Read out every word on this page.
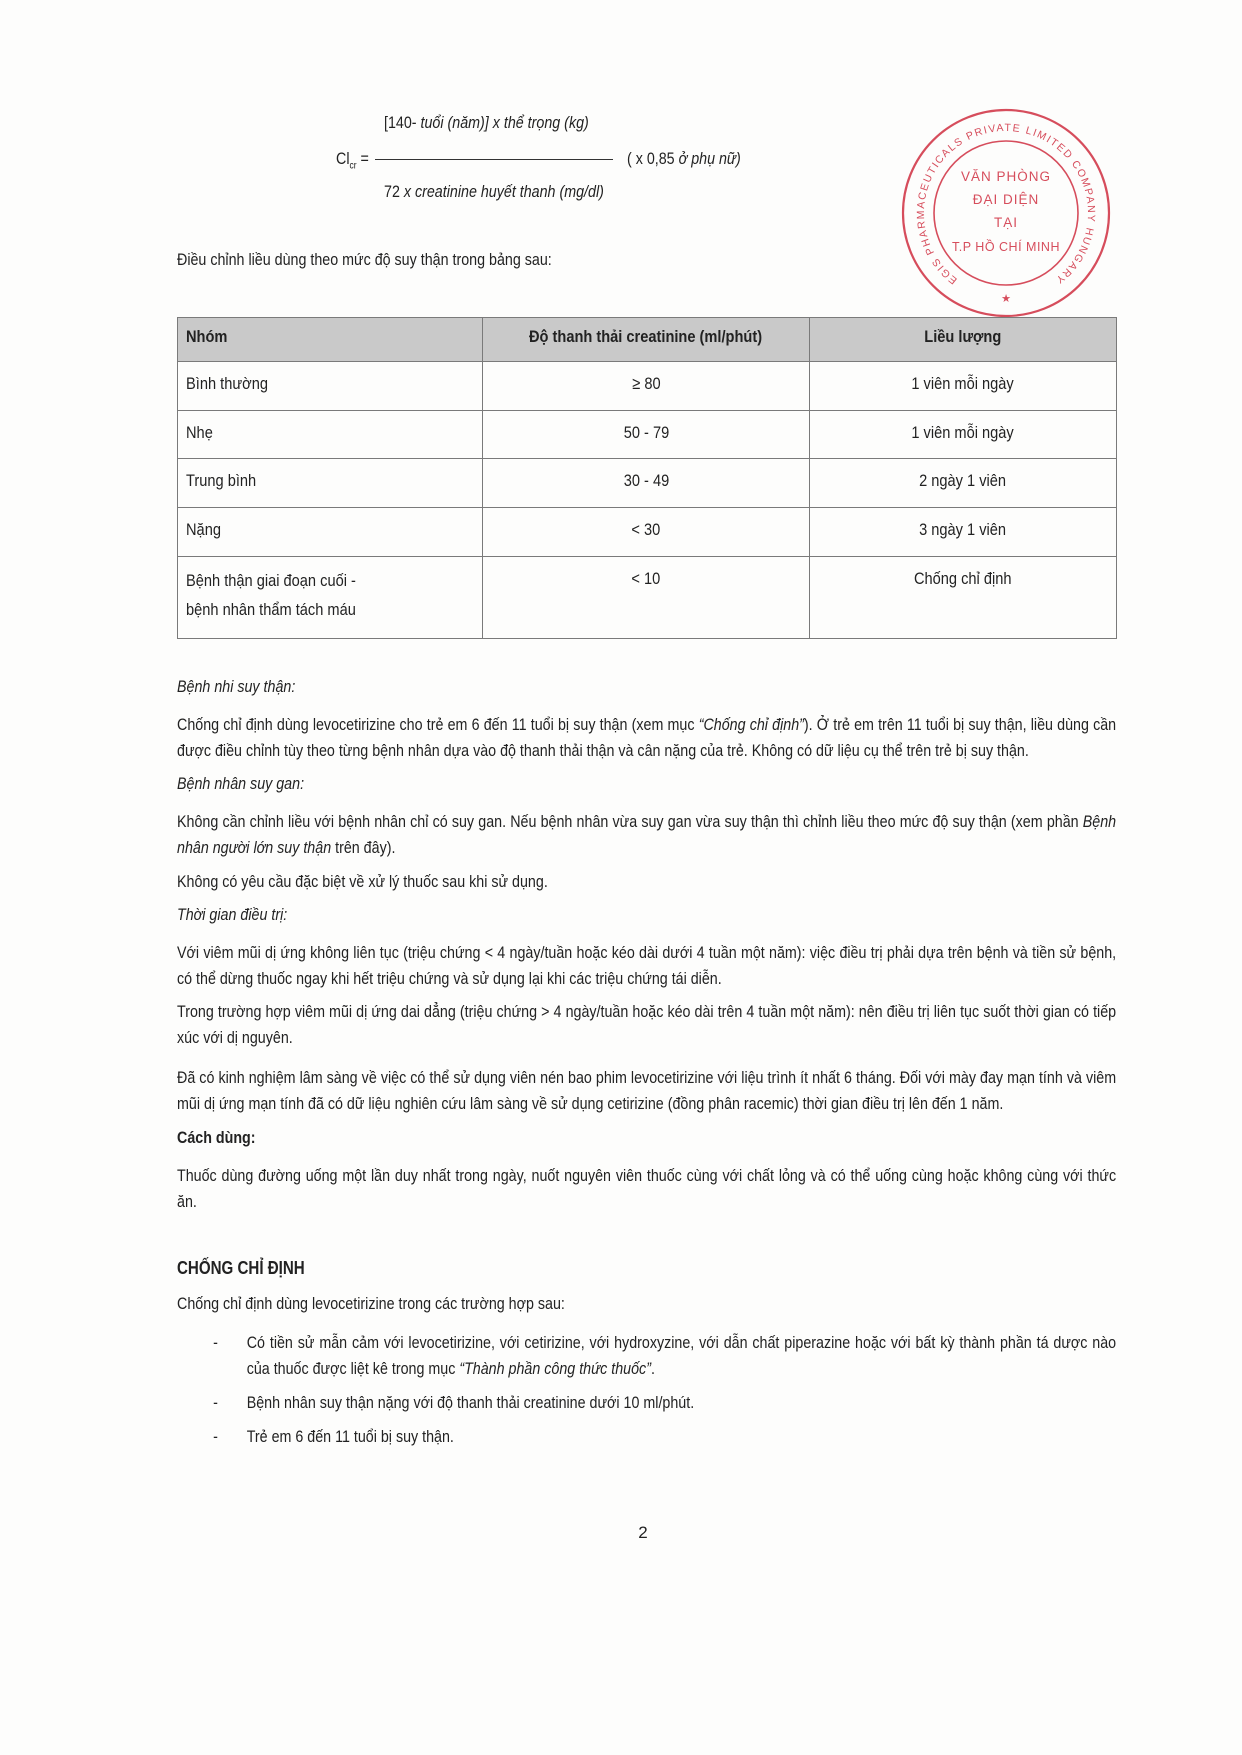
[140- tuổi (năm)] x thể trọng (kg)
$Cl_{cr}$ =	( x 0,85 ở phụ nữ)
72 x creatinine huyết thanh (mg/dl)
Điều chỉnh liều dùng theo mức độ suy thận trong bảng sau:
EGIS PHARMACEUTICALS PRIVATE LIMITED COMPANY HUNGARY
VĂN PHÒNG
ĐẠI DIỆN
TẠI
T.P HỒ CHÍ MINH
★
Nhóm	Độ thanh thải creatinine (ml/phút)	Liều lượng
Bình thường	≥ 80	1 viên mỗi ngày
Nhẹ	50 - 79	1 viên mỗi ngày
Trung bình	30 - 49	2 ngày 1 viên
Nặng	< 30	3 ngày 1 viên

Bệnh thận giai đoạn cuối -
bệnh nhân thẩm tách máu	< 10	Chống chỉ định

Bệnh nhi suy thận:

Chống chỉ định dùng levocetirizine cho trẻ em 6 đến 11 tuổi bị suy thận (xem mục “Chống chỉ định”). Ở trẻ em trên 11 tuổi bị suy thận, liều dùng cần được điều chỉnh tùy theo từng bệnh nhân dựa vào độ thanh thải thận và cân nặng của trẻ. Không có dữ liệu cụ thể trên trẻ bị suy thận.

Bệnh nhân suy gan:

Không cần chỉnh liều với bệnh nhân chỉ có suy gan. Nếu bệnh nhân vừa suy gan vừa suy thận thì chỉnh liều theo mức độ suy thận (xem phần Bệnh nhân người lớn suy thận trên đây).

Không có yêu cầu đặc biệt về xử lý thuốc sau khi sử dụng.

Thời gian điều trị:

Với viêm mũi dị ứng không liên tục (triệu chứng < 4 ngày/tuần hoặc kéo dài dưới 4 tuần một năm): việc điều trị phải dựa trên bệnh và tiền sử bệnh, có thể dừng thuốc ngay khi hết triệu chứng và sử dụng lại khi các triệu chứng tái diễn.

Trong trường hợp viêm mũi dị ứng dai dẳng (triệu chứng > 4 ngày/tuần hoặc kéo dài trên 4 tuần một năm): nên điều trị liên tục suốt thời gian có tiếp xúc với dị nguyên.

Đã có kinh nghiệm lâm sàng về việc có thể sử dụng viên nén bao phim levocetirizine với liệu trình ít nhất 6 tháng. Đối với mày đay mạn tính và viêm mũi dị ứng mạn tính đã có dữ liệu nghiên cứu lâm sàng về sử dụng cetirizine (đồng phân racemic) thời gian điều trị lên đến 1 năm.

Cách dùng:

Thuốc dùng đường uống một lần duy nhất trong ngày, nuốt nguyên viên thuốc cùng với chất lỏng và có thể uống cùng hoặc không cùng với thức ăn.

CHỐNG CHỈ ĐỊNH

Chống chỉ định dùng levocetirizine trong các trường hợp sau:

- Có tiền sử mẫn cảm với levocetirizine, với cetirizine, với hydroxyzine, với dẫn chất piperazine hoặc với bất kỳ thành phần tá dược nào của thuốc được liệt kê trong mục “Thành phần công thức thuốc”.
- Bệnh nhân suy thận nặng với độ thanh thải creatinine dưới 10 ml/phút.
- Trẻ em 6 đến 11 tuổi bị suy thận.
2
